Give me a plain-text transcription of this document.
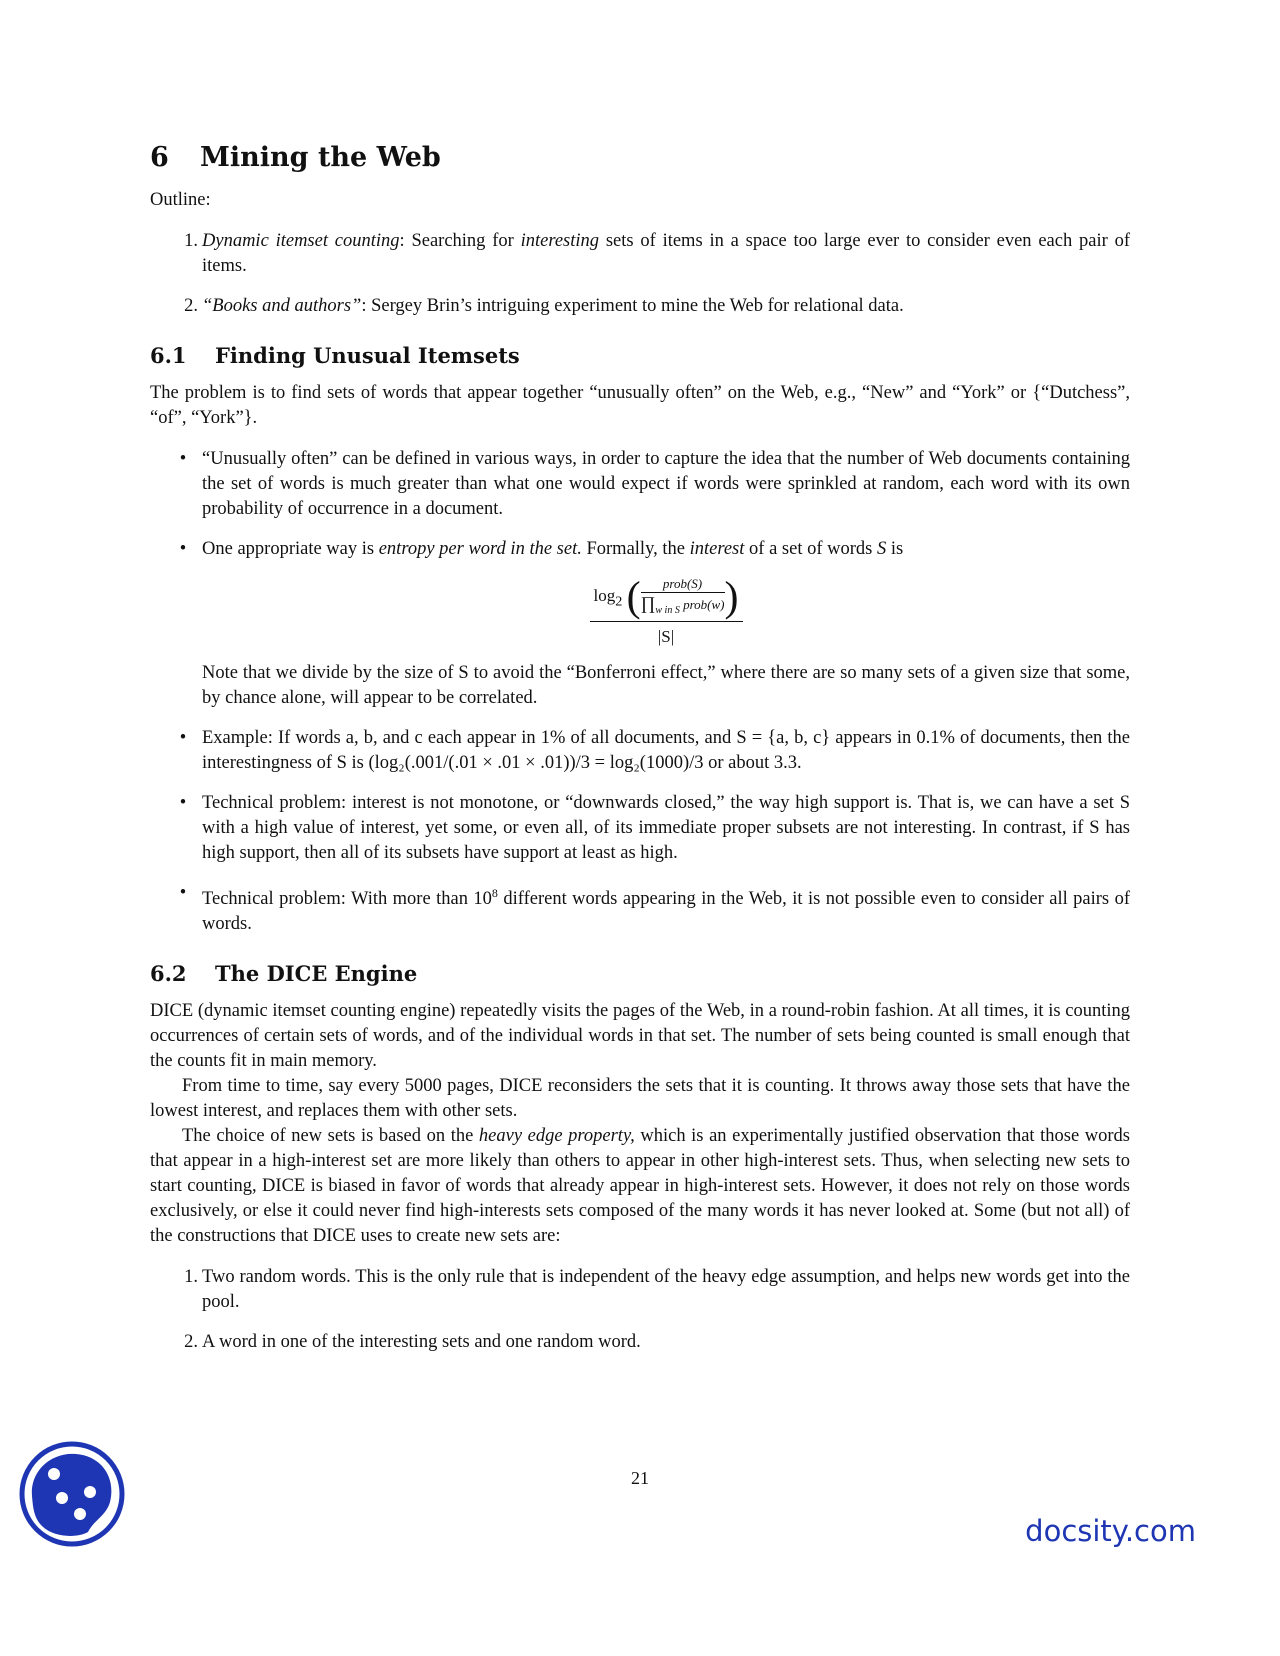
6 Mining the Web

Outline:

1. Dynamic itemset counting: Searching for interesting sets of items in a space too large ever to consider even each pair of items.
2. “Books and authors”: Sergey Brin’s intriguing experiment to mine the Web for relational data.
6.1 Finding Unusual Itemsets

The problem is to find sets of words that appear together “unusually often” on the Web, e.g., “New” and “York” or {“Dutchess”, “of”, “York”}.

• “Unusually often” can be defined in various ways, in order to capture the idea that the number of Web documents containing the set of words is much greater than what one would expect if words were sprinkled at random, each word with its own probability of occurrence in a document.
• One appropriate way is entropy per word in the set. Formally, the interest of a set of words S is
$\frac{\log_2 ( \frac{\text{prob(S)}}{\prod_{w in S} prob(w)} )}{|S|}$

Note that we divide by the size of S to avoid the “Bonferroni effect,” where there are so many sets of a given size that some, by chance alone, will appear to be correlated.

• Example: If words a, b, and c each appear in 1% of all documents, and S = {a, b, c} appears in 0.1% of documents, then the interestingness of S is (log₂(.001/(.01 × .01 × .01))/3 = log₂(1000)/3 or about 3.3.
• Technical problem: interest is not monotone, or “downwards closed,” the way high support is. That is, we can have a set S with a high value of interest, yet some, or even all, of its immediate proper subsets are not interesting. In contrast, if S has high support, then all of its subsets have support at least as high.
• Technical problem: With more than $10^8$ different words appearing in the Web, it is not possible even to consider all pairs of words.
6.2 The DICE Engine

DICE (dynamic itemset counting engine) repeatedly visits the pages of the Web, in a round-robin fashion. At all times, it is counting occurrences of certain sets of words, and of the individual words in that set. The number of sets being counted is small enough that the counts fit in main memory.

From time to time, say every 5000 pages, DICE reconsiders the sets that it is counting. It throws away those sets that have the lowest interest, and replaces them with other sets.

The choice of new sets is based on the heavy edge property, which is an experimentally justified observation that those words that appear in a high-interest set are more likely than others to appear in other high-interest sets. Thus, when selecting new sets to start counting, DICE is biased in favor of words that already appear in high-interest sets. However, it does not rely on those words exclusively, or else it could never find high-interests sets composed of the many words it has never looked at. Some (but not all) of the constructions that DICE uses to create new sets are:

1. Two random words. This is the only rule that is independent of the heavy edge assumption, and helps new words get into the pool.
2. A word in one of the interesting sets and one random word.
21
docsity.com
